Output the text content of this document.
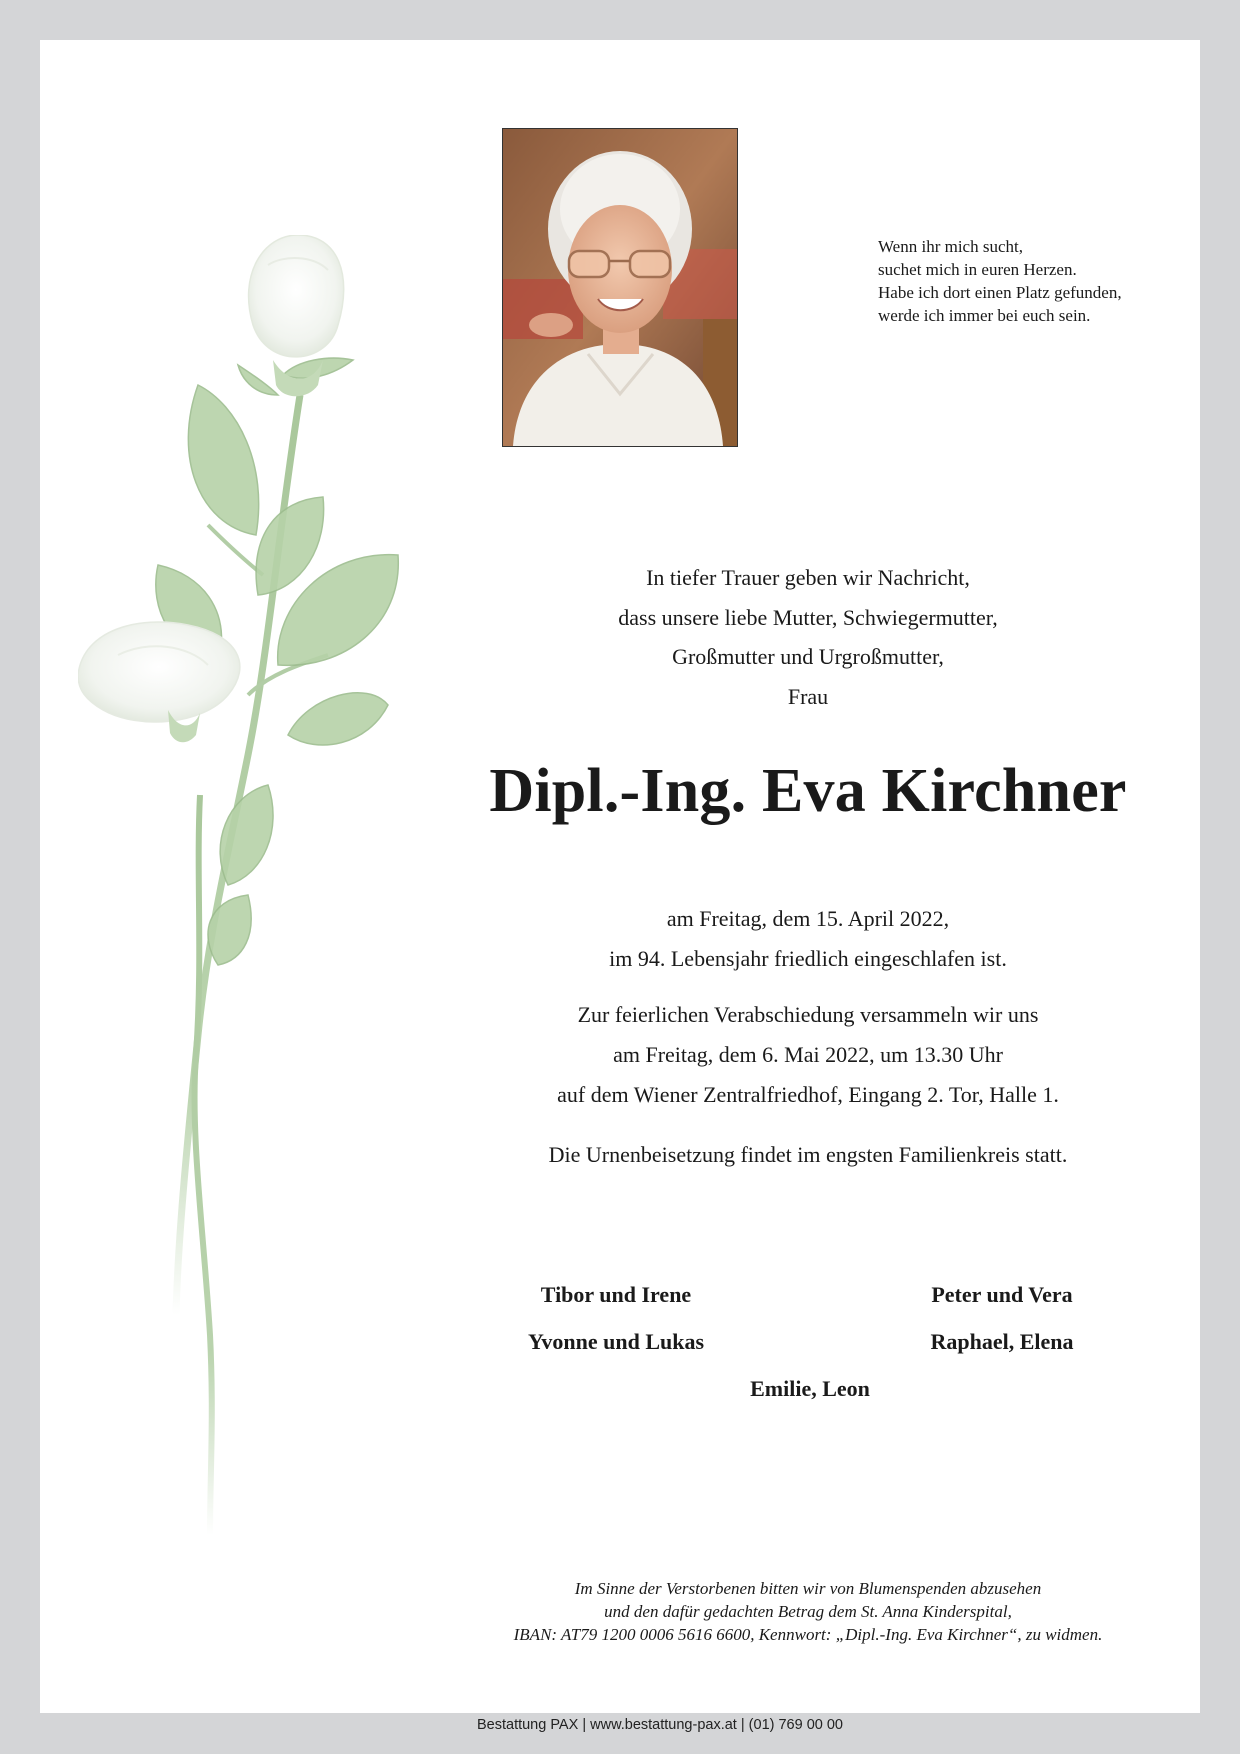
Wenn ihr mich sucht,
suchet mich in euren Herzen.
Habe ich dort einen Platz gefunden,
werde ich immer bei euch sein.
In tiefer Trauer geben wir Nachricht,
dass unsere liebe Mutter, Schwiegermutter,
Großmutter und Urgroßmutter,
Frau
Dipl.-Ing. Eva Kirchner
am Freitag, dem 15. April 2022,
im 94. Lebensjahr friedlich eingeschlafen ist.
Zur feierlichen Verabschiedung versammeln wir uns
am Freitag, dem 6. Mai 2022, um 13.30 Uhr
auf dem Wiener Zentralfriedhof, Eingang 2. Tor, Halle 1.
Die Urnenbeisetzung findet im engsten Familienkreis statt.
Tibor und Irene
Yvonne und Lukas
Peter und Vera
Raphael, Elena
Emilie, Leon
Im Sinne der Verstorbenen bitten wir von Blumenspenden abzusehen
und den dafür gedachten Betrag dem St. Anna Kinderspital,
IBAN: AT79 1200 0006 5616 6600, Kennwort: „Dipl.-Ing. Eva Kirchner“, zu widmen.
Bestattung PAX | www.bestattung-pax.at | (01) 769 00 00
